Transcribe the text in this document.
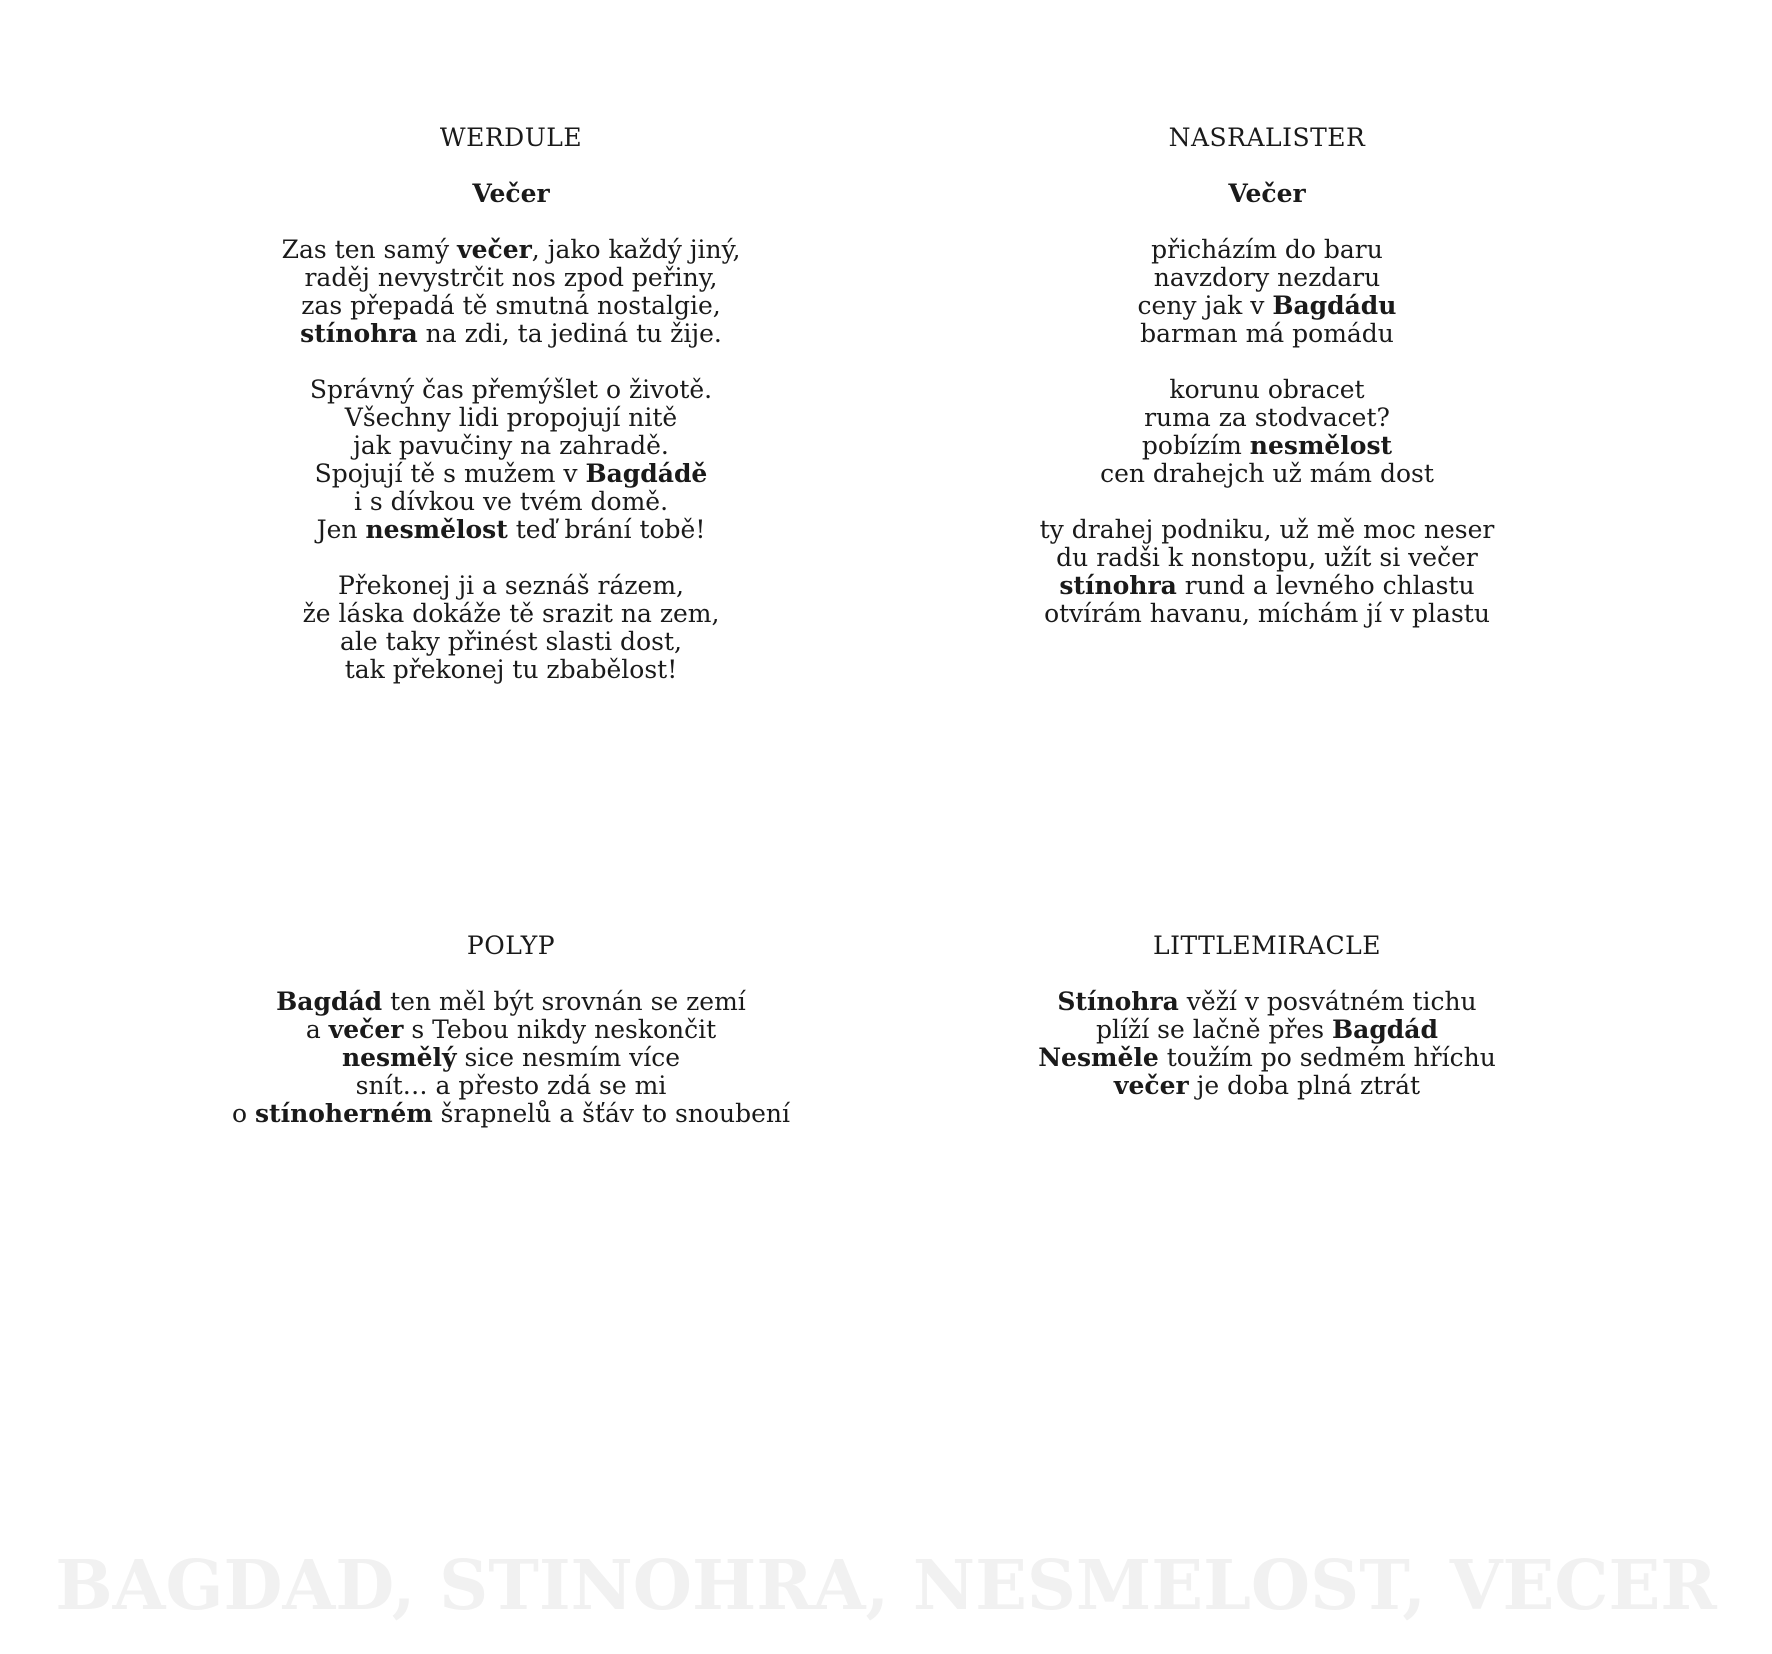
WERDULE
Večer
Zas ten samý večer, jako každý jiný,
raděj nevystrčit nos zpod peřiny,
zas přepadá tě smutná nostalgie,
stínohra na zdi, ta jediná tu žije.
Správný čas přemýšlet o životě.
Všechny lidi propojují nitě
jak pavučiny na zahradě.
Spojují tě s mužem v Bagdádě
i s dívkou ve tvém domě.
Jen nesmělost teď brání tobě!
Překonej ji a seznáš rázem,
že láska dokáže tě srazit na zem,
ale taky přinést slasti dost,
tak překonej tu zbabělost!
NASRALISTER
Večer
přicházím do baru
navzdory nezdaru
ceny jak v Bagdádu
barman má pomádu
korunu obracet
ruma za stodvacet?
pobízím nesmělost
cen drahejch už mám dost
ty drahej podniku, už mě moc neser
du radši k nonstopu, užít si večer
stínohra rund a levného chlastu
otvírám havanu, míchám jí v plastu
POLYP
Bagdád ten měl být srovnán se zemí
a večer s Tebou nikdy neskončit
nesmělý sice nesmím více
snít… a přesto zdá se mi
o stínoherném šrapnelů a šťáv to snoubení
LITTLEMIRACLE
Stínohra věží v posvátném tichu
plíží se lačně přes Bagdád
Nesměle toužím po sedmém hříchu
večer je doba plná ztrát
BAGDAD, STINOHRA, NESMELOST, VECER
